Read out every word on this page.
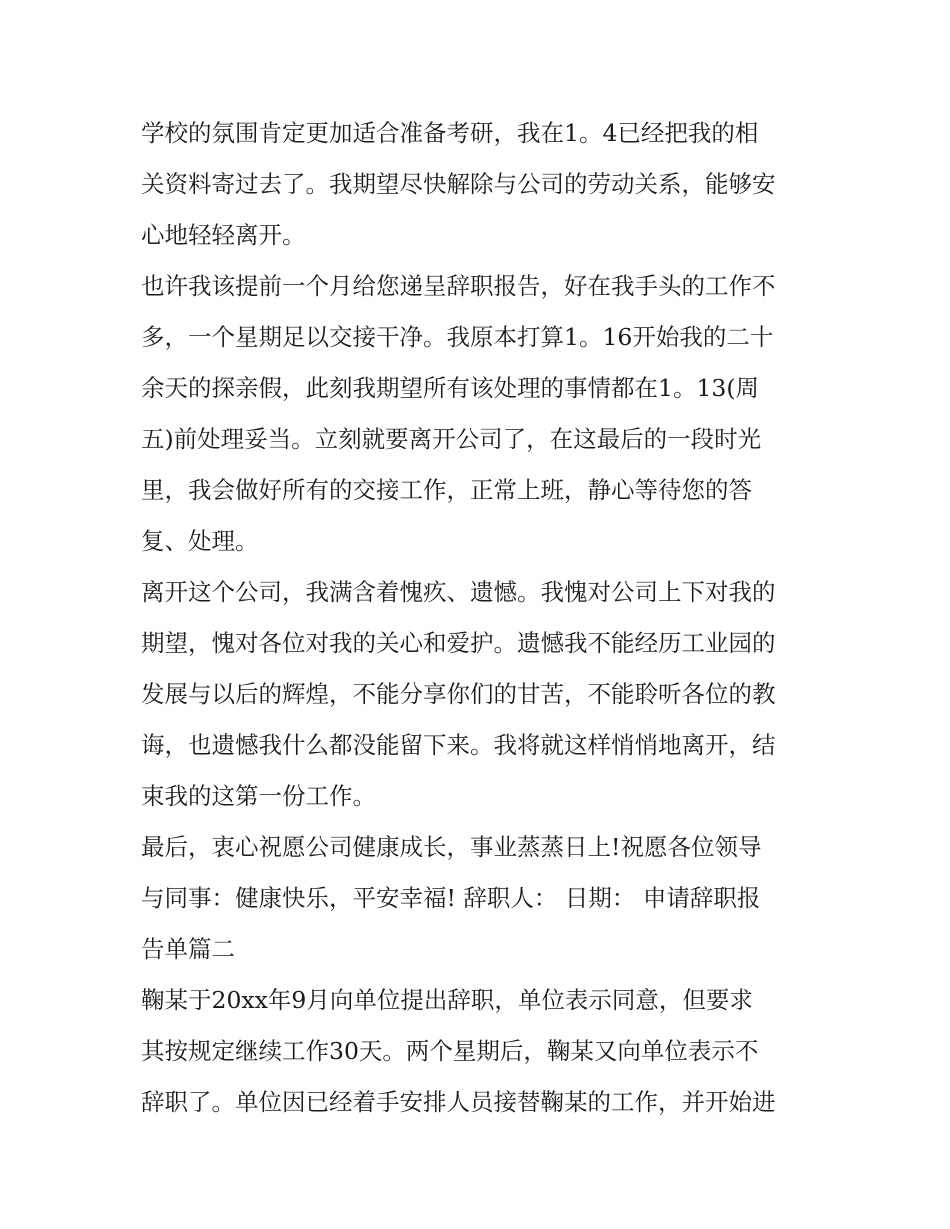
学校的氛围肯定更加适合准备考研，我在1。4已经把我的相
关资料寄过去了。我期望尽快解除与公司的劳动关系，能够安
心地轻轻离开。
也许我该提前一个月给您递呈辞职报告，好在我手头的工作不
多，一个星期足以交接干净。我原本打算1。16开始我的二十
余天的探亲假，此刻我期望所有该处理的事情都在1。13(周
五)前处理妥当。立刻就要离开公司了，在这最后的一段时光
里，我会做好所有的交接工作，正常上班，静心等待您的答
复、处理。
离开这个公司，我满含着愧疚、遗憾。我愧对公司上下对我的
期望，愧对各位对我的关心和爱护。遗憾我不能经历工业园的
发展与以后的辉煌，不能分享你们的甘苦，不能聆听各位的教
诲，也遗憾我什么都没能留下来。我将就这样悄悄地离开，结
束我的这第一份工作。
最后，衷心祝愿公司健康成长，事业蒸蒸日上!祝愿各位领导
与同事：健康快乐，平安幸福! 辞职人： 日期： 申请辞职报
告单篇二
鞠某于20xx年9月向单位提出辞职，单位表示同意，但要求
其按规定继续工作30天。两个星期后，鞠某又向单位表示不
辞职了。单位因已经着手安排人员接替鞠某的工作，并开始进
